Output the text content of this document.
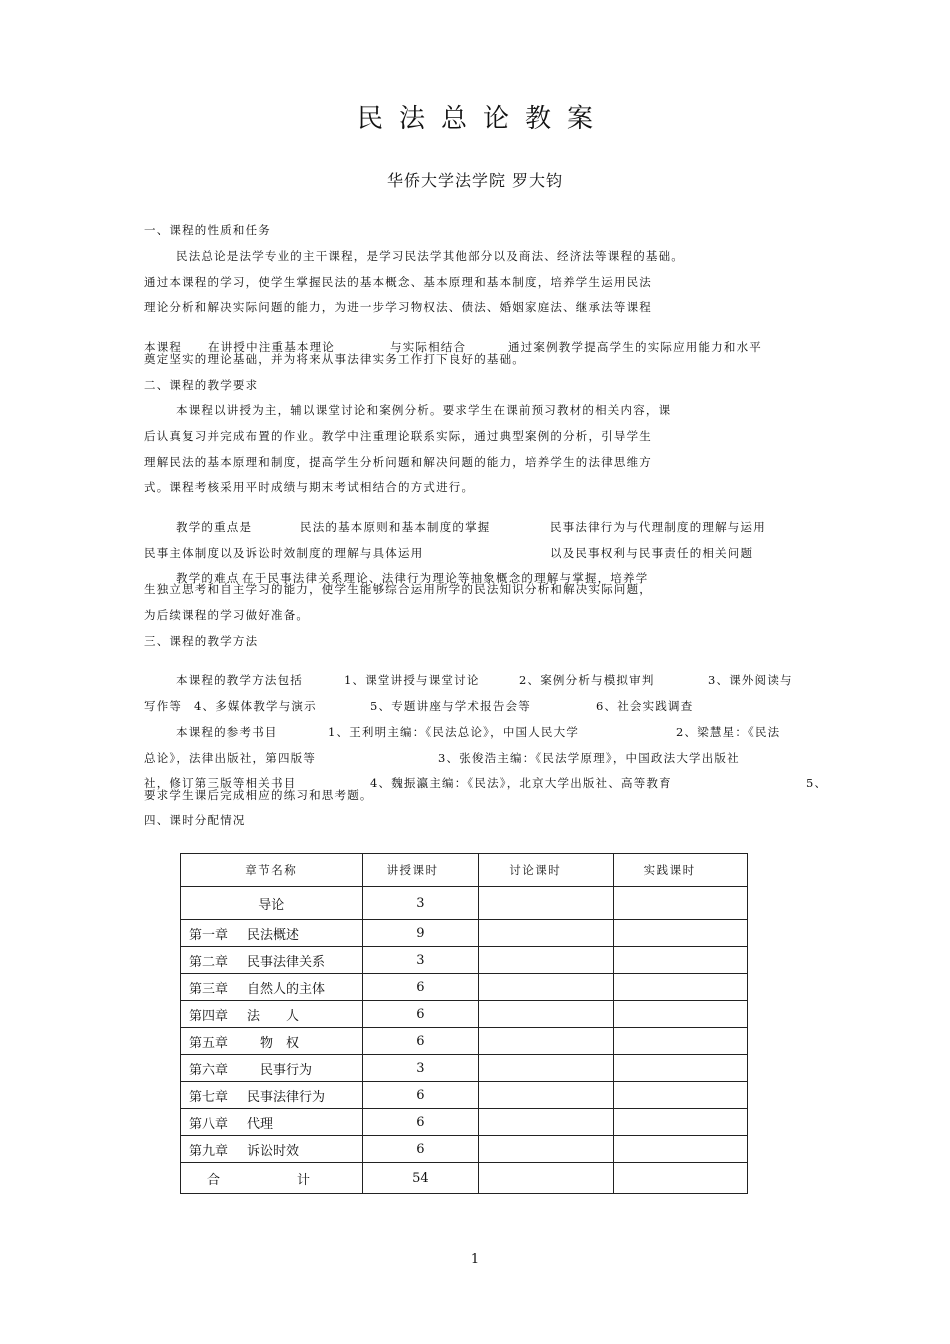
民法总论教案
华侨大学法学院 罗大钧
一、课程的性质和任务
民法总论是法学专业的主干课程，是学习民法学其他部分以及商法、经济法等课程的基础。
通过本课程的学习，使学生掌握民法的基本概念、基本原理和基本制度，培养学生运用民法
理论分析和解决实际问题的能力，为进一步学习物权法、债法、婚姻家庭法、继承法等课程

本课程 在讲授中注重基本理论	与实际相结合	通过案例教学提高学生的实际应用能力和水平

奠定坚实的理论基础，并为将来从事法律实务工作打下良好的基础。
二、课程的教学要求
本课程以讲授为主，辅以课堂讨论和案例分析。要求学生在课前预习教材的相关内容，课
后认真复习并完成布置的作业。教学中注重理论联系实际，通过典型案例的分析，引导学生
理解民法的基本原理和制度，提高学生分析问题和解决问题的能力，培养学生的法律思维方
式。课程考核采用平时成绩与期末考试相结合的方式进行。

教学的重点是	民法的基本原则和基本制度的掌握	民事法律行为与代理制度的理解与运用

民事主体制度以及诉讼时效制度的理解与具体运用	以及民事权利与民事责任的相关问题

教学的难点 在于民事法律关系理论、法律行为理论等抽象概念的理解与掌握，培养学

生独立思考和自主学习的能力，使学生能够综合运用所学的民法知识分析和解决实际问题，
为后续课程的学习做好准备。
三、课程的教学方法

本课程的教学方法包括	1、课堂讲授与课堂讨论	2、案例分析与模拟审判	3、课外阅读与

写作等 4、多媒体教学与演示	5、专题讲座与学术报告会等	6、社会实践调查

本课程的参考书目	1、王利明主编：《民法总论》，中国人民大学	2、梁慧星：《民法

总论》，法律出版社，第四版等	3、张俊浩主编：《民法学原理》，中国政法大学出版社

社，修订第三版等相关书目	4、魏振瀛主编：《民法》，北京大学出版社、高等教育	5、

要求学生课后完成相应的练习和思考题。
四、课时分配情况
章节名称	讲授课时	讨论课时	实践课时
导论	3		
第一章 民法概述	9		
第二章 民事法律关系	3		
第三章 自然人的主体	6		
第四章 法　　人	6		
第五章　物　权	6		
第六章　民事行为	3		
第七章 民事法律行为	6		
第八章 代理	6		
第九章 诉讼时效	6		
合 计	54		
1
